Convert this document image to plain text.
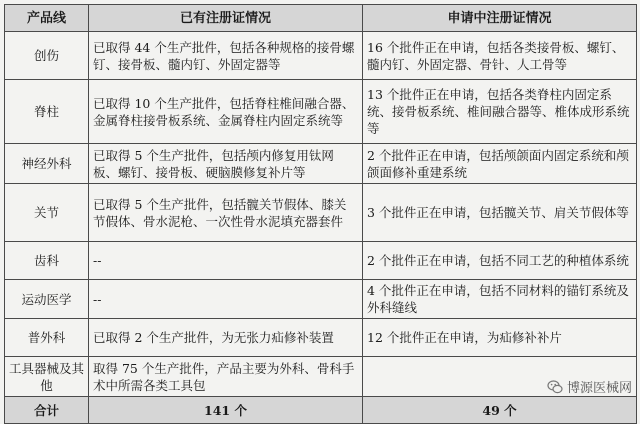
产品线	已有注册证情况	申请中注册证情况
创伤	已取得 44 个生产批件，包括各种规格的接骨螺钉、接骨板、髓内钉、外固定器等	16 个批件正在申请，包括各类接骨板、螺钉、髓内钉、外固定器、骨针、人工骨等
脊柱	已取得 10 个生产批件，包括脊柱椎间融合器、金属脊柱接骨板系统、金属脊柱内固定系统等	13 个批件正在申请，包括各类脊柱内固定系统、接骨板系统、椎间融合器等、椎体成形系统等
神经外科	已取得 5 个生产批件，包括颅内修复用钛网板、螺钉、接骨板、硬脑膜修复补片等	2 个批件正在申请，包括颅颌面内固定系统和颅颌面修补重建系统
关节	已取得 5 个生产批件，包括髋关节假体、膝关节假体、骨水泥枪、一次性骨水泥填充器套件	3 个批件正在申请，包括髋关节、肩关节假体等
齿科	--	2 个批件正在申请，包括不同工艺的种植体系统
运动医学	--	4 个批件正在申请，包括不同材料的锚钉系统及外科缝线
普外科	已取得 2 个生产批件，为无张力疝修补装置	12 个批件正在申请，为疝修补补片
工具器械及其他	取得 75 个生产批件，产品主要为外科、骨科手术中所需各类工具包	
合计	141 个	49 个
博源医械网
